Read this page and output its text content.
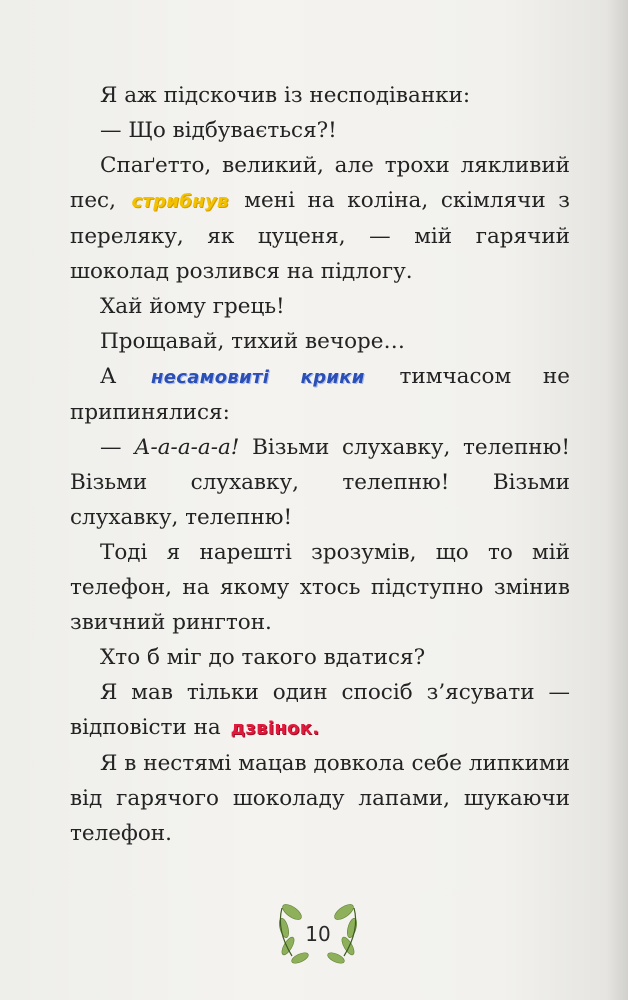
Я аж підскочив із несподіванки:

— Що відбувається?!

Спаґетто, великий, але трохи лякливий пес, стрибнув мені на коліна, скімлячи з переляку, як цуценя, — мій гарячий шоколад розлився на підлогу.

Хай йому грець!

Прощавай, тихий вечоре…

А несамовиті крики тимчасом не припинялися:

— А-а-а-а-а! Візьми слухавку, телепню! Візьми слухавку, телепню! Візьми слухавку, телепню!

Тоді я нарешті зрозумів, що то мій телефон, на якому хтось підступно змінив звичний рингтон.

Хто б міг до такого вдатися?

Я мав тільки один спосіб з’ясувати — відповісти на дзвінок.

Я в нестямі мацав довкола себе липкими від гарячого шоколаду лапами, шукаючи телефон.

10
